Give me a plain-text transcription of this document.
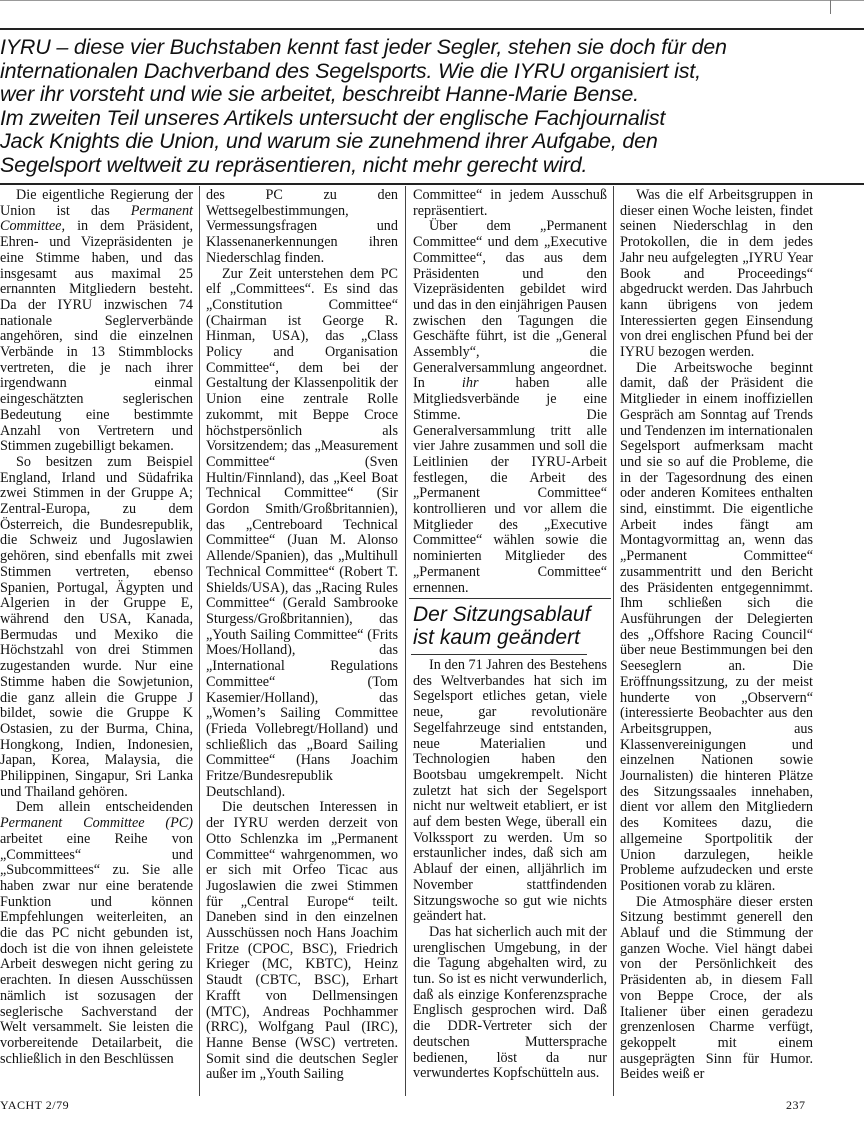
IYRU – diese vier Buchstaben kennt fast jeder Segler, stehen sie doch für den
internationalen Dachverband des Segelsports. Wie die IYRU organisiert ist,
wer ihr vorsteht und wie sie arbeitet, beschreibt Hanne-Marie Bense.
Im zweiten Teil unseres Artikels untersucht der englische Fachjournalist
Jack Knights die Union, und warum sie zunehmend ihrer Aufgabe, den
Segelsport weltweit zu repräsentieren, nicht mehr gerecht wird.

Die eigentliche Regierung der Union ist das Permanent Committee, in dem Präsident, Ehren- und Vizepräsidenten je eine Stimme haben, und das insgesamt aus maximal 25 ernannten Mitgliedern besteht. Da der IYRU inzwischen 74 nationale Seglerverbände angehören, sind die einzelnen Verbände in 13 Stimmblocks vertreten, die je nach ihrer irgendwann einmal eingeschätzten seglerischen Bedeutung eine bestimmte Anzahl von Vertretern und Stimmen zugebilligt bekamen.

So besitzen zum Beispiel England, Irland und Südafrika zwei Stimmen in der Gruppe A; Zentral-Europa, zu dem Österreich, die Bundesrepublik, die Schweiz und Jugoslawien gehören, sind ebenfalls mit zwei Stimmen vertreten, ebenso Spanien, Portugal, Ägypten und Algerien in der Gruppe E, während den USA, Kanada, Bermudas und Mexiko die Höchstzahl von drei Stimmen zugestanden wurde. Nur eine Stimme haben die Sowjetunion, die ganz allein die Gruppe J bildet, sowie die Gruppe K Ostasien, zu der Burma, China, Hongkong, Indien, Indonesien, Japan, Korea, Malaysia, die Philippinen, Singapur, Sri Lanka und Thailand gehören.

Dem allein entscheidenden Permanent Committee (PC) arbeitet eine Reihe von „Committees“ und „Subcommittees“ zu. Sie alle haben zwar nur eine beratende Funktion und können Empfehlungen weiterleiten, an die das PC nicht gebunden ist, doch ist die von ihnen geleistete Arbeit deswegen nicht gering zu erachten. In diesen Ausschüssen nämlich ist sozusagen der seglerische Sachverstand der Welt versammelt. Sie leisten die vorbereitende Detailarbeit, die schließlich in den Beschlüssen

des PC zu den Wettsegelbestimmungen, Vermessungsfragen und Klassenanerkennungen ihren Niederschlag finden.

Zur Zeit unterstehen dem PC elf „Committees“. Es sind das „Constitution Committee“ (Chairman ist George R. Hinman, USA), das „Class Policy and Organisation Committee“, dem bei der Gestaltung der Klassenpolitik der Union eine zentrale Rolle zukommt, mit Beppe Croce höchstpersönlich als Vorsitzendem; das „Measurement Committee“ (Sven Hultin/Finnland), das „Keel Boat Technical Committee“ (Sir Gordon Smith/Großbritannien), das „Centreboard Technical Committee“ (Juan M. Alonso Allende/Spanien), das „Multihull Technical Committee“ (Robert T. Shields/USA), das „Racing Rules Committee“ (Gerald Sambrooke Sturgess/Großbritannien), das „Youth Sailing Committee“ (Frits Moes/Holland), das „International Regulations Committee“ (Tom Kasemier/Holland), das „Women’s Sailing Committee (Frieda Vollebregt/Holland) und schließlich das „Board Sailing Committee“ (Hans Joachim Fritze/Bundesrepublik Deutschland).

Die deutschen Interessen in der IYRU werden derzeit von Otto Schlenzka im „Permanent Committee“ wahrgenommen, wo er sich mit Orfeo Ticac aus Jugoslawien die zwei Stimmen für „Central Europe“ teilt. Daneben sind in den einzelnen Ausschüssen noch Hans Joachim Fritze (CPOC, BSC), Friedrich Krieger (MC, KBTC), Heinz Staudt (CBTC, BSC), Erhart Krafft von Dellmensingen (MTC), Andreas Pochhammer (RRC), Wolfgang Paul (IRC), Hanne Bense (WSC) vertreten. Somit sind die deutschen Segler außer im „Youth Sailing

Committee“ in jedem Ausschuß repräsentiert.

Über dem „Permanent Committee“ und dem „Executive Committee“, das aus dem Präsidenten und den Vizepräsidenten gebildet wird und das in den einjährigen Pausen zwischen den Tagungen die Geschäfte führt, ist die „General Assembly“, die Generalversammlung angeordnet. In ihr haben alle Mitgliedsverbände je eine Stimme. Die Generalversammlung tritt alle vier Jahre zusammen und soll die Leitlinien der IYRU-Arbeit festlegen, die Arbeit des „Permanent Committee“ kontrollieren und vor allem die Mitglieder des „Executive Committee“ wählen sowie die nominierten Mitglieder des „Permanent Committee“ ernennen.

Der Sitzungsablauf ist kaum geändert

In den 71 Jahren des Bestehens des Weltverbandes hat sich im Segelsport etliches getan, viele neue, gar revolutionäre Segelfahrzeuge sind entstanden, neue Materialien und Technologien haben den Bootsbau umgekrempelt. Nicht zuletzt hat sich der Segelsport nicht nur weltweit etabliert, er ist auf dem besten Wege, überall ein Volkssport zu werden. Um so erstaunlicher indes, daß sich am Ablauf der einen, alljährlich im November stattfindenden Sitzungswoche so gut wie nichts geändert hat.

Das hat sicherlich auch mit der urenglischen Umgebung, in der die Tagung abgehalten wird, zu tun. So ist es nicht verwunderlich, daß als einzige Konferenzsprache Englisch gesprochen wird. Daß die DDR-Vertreter sich der deutschen Muttersprache bedienen, löst da nur verwundertes Kopfschütteln aus.

Was die elf Arbeitsgruppen in dieser einen Woche leisten, findet seinen Niederschlag in den Protokollen, die in dem jedes Jahr neu aufgelegten „IYRU Year Book and Proceedings“ abgedruckt werden. Das Jahrbuch kann übrigens von jedem Interessierten gegen Einsendung von drei englischen Pfund bei der IYRU bezogen werden.

Die Arbeitswoche beginnt damit, daß der Präsident die Mitglieder in einem inoffiziellen Gespräch am Sonntag auf Trends und Tendenzen im internationalen Segelsport aufmerksam macht und sie so auf die Probleme, die in der Tagesordnung des einen oder anderen Komitees enthalten sind, einstimmt. Die eigentliche Arbeit indes fängt am Montagvormittag an, wenn das „Permanent Committee“ zusammentritt und den Bericht des Präsidenten entgegennimmt. Ihm schließen sich die Ausführungen der Delegierten des „Offshore Racing Council“ über neue Bestimmungen bei den Seeseglern an. Die Eröffnungssitzung, zu der meist hunderte von „Observern“ (interessierte Beobachter aus den Arbeitsgruppen, aus Klassenvereinigungen und einzelnen Nationen sowie Journalisten) die hinteren Plätze des Sitzungssaales innehaben, dient vor allem den Mitgliedern des Komitees dazu, die allgemeine Sportpolitik der Union darzulegen, heikle Probleme aufzudecken und erste Positionen vorab zu klären.

Die Atmosphäre dieser ersten Sitzung bestimmt generell den Ablauf und die Stimmung der ganzen Woche. Viel hängt dabei von der Persönlichkeit des Präsidenten ab, in diesem Fall von Beppe Croce, der als Italiener über einen geradezu grenzenlosen Charme verfügt, gekoppelt mit einem ausgeprägten Sinn für Humor. Beides weiß er

YACHT 2/79	237
